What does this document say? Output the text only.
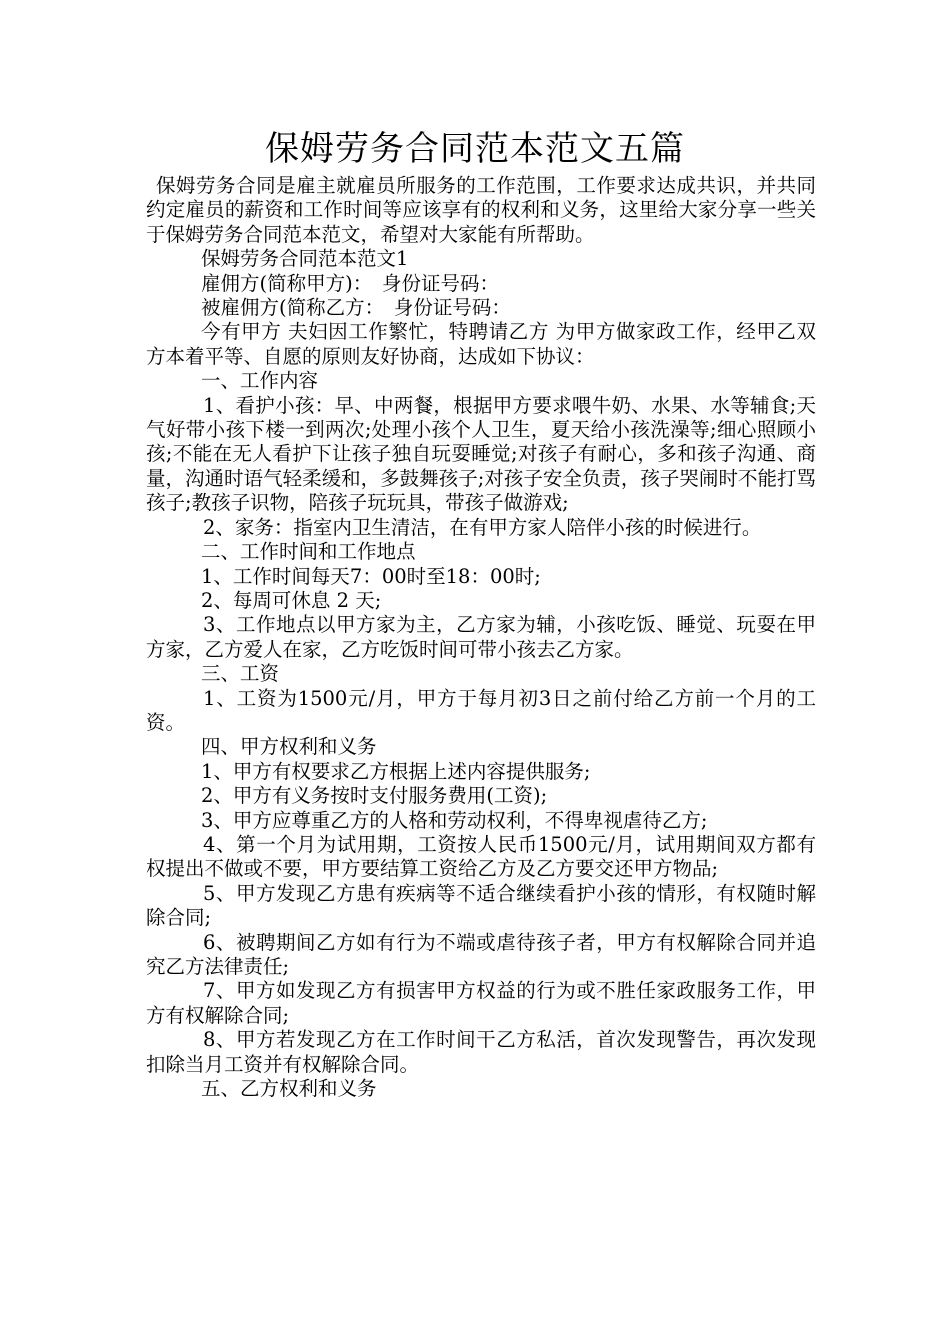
保姆劳务合同范本范文五篇

保姆劳务合同是雇主就雇员所服务的工作范围，工作要求达成共识，并共同约定雇员的薪资和工作时间等应该享有的权利和义务，这里给大家分享一些关于保姆劳务合同范本范文，希望对大家能有所帮助。

保姆劳务合同范本范文1

雇佣方(简称甲方)：　身份证号码：

被雇佣方(简称乙方：　身份证号码：

今有甲方 夫妇因工作繁忙，特聘请乙方 为甲方做家政工作，经甲乙双方本着平等、自愿的原则友好协商，达成如下协议：

一、工作内容

1、看护小孩：早、中两餐，根据甲方要求喂牛奶、水果、水等辅食;天气好带小孩下楼一到两次;处理小孩个人卫生，夏天给小孩洗澡等;细心照顾小孩;不能在无人看护下让孩子独自玩耍睡觉;对孩子有耐心，多和孩子沟通、商量，沟通时语气轻柔缓和，多鼓舞孩子;对孩子安全负责，孩子哭闹时不能打骂孩子;教孩子识物，陪孩子玩玩具，带孩子做游戏;

2、家务：指室内卫生清洁，在有甲方家人陪伴小孩的时候进行。

二、工作时间和工作地点

1、工作时间每天7：00时至18：00时;

2、每周可休息 2 天;

3、工作地点以甲方家为主，乙方家为辅，小孩吃饭、睡觉、玩耍在甲方家，乙方爱人在家，乙方吃饭时间可带小孩去乙方家。

三、工资

1、工资为1500元/月，甲方于每月初3日之前付给乙方前一个月的工资。

四、甲方权利和义务

1、甲方有权要求乙方根据上述内容提供服务;

2、甲方有义务按时支付服务费用(工资);

3、甲方应尊重乙方的人格和劳动权利，不得卑视虐待乙方;

4、第一个月为试用期，工资按人民币1500元/月，试用期间双方都有权提出不做或不要，甲方要结算工资给乙方及乙方要交还甲方物品;

5、甲方发现乙方患有疾病等不适合继续看护小孩的情形，有权随时解除合同;

6、被聘期间乙方如有行为不端或虐待孩子者，甲方有权解除合同并追究乙方法律责任;

7、甲方如发现乙方有损害甲方权益的行为或不胜任家政服务工作，甲方有权解除合同;

8、甲方若发现乙方在工作时间干乙方私活，首次发现警告，再次发现扣除当月工资并有权解除合同。

五、乙方权利和义务
